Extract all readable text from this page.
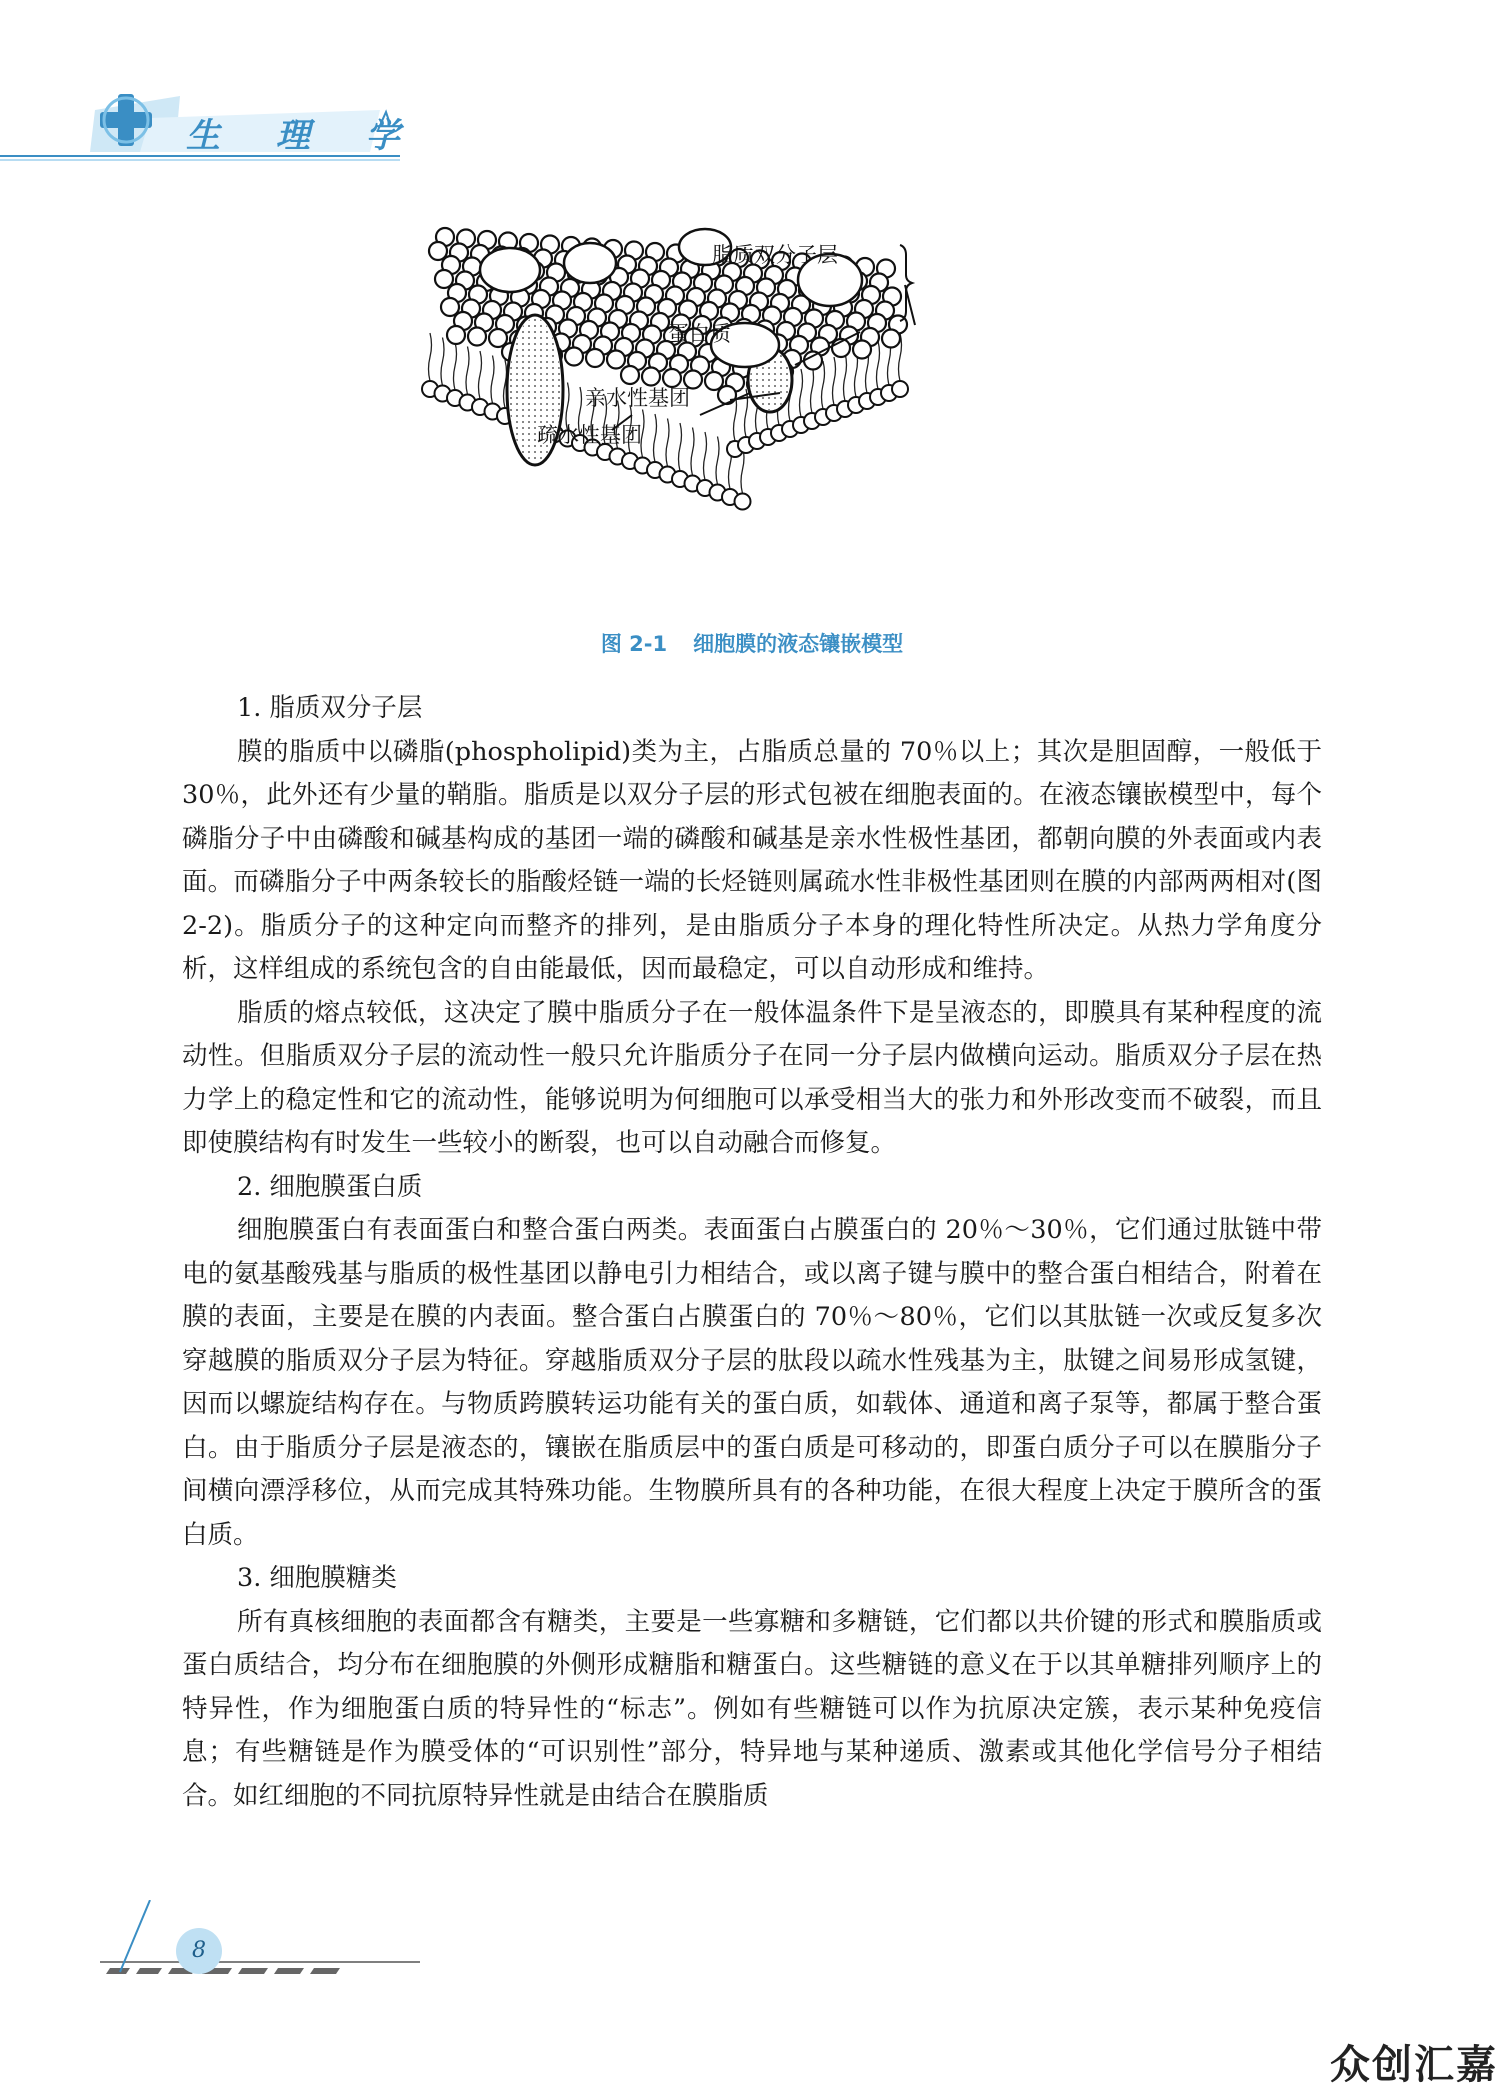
生 理 学
脂质双分子层
蛋白质
亲水性基团
疏水性基团
图 2-1 细胞膜的液态镶嵌模型

1. 脂质双分子层

膜的脂质中以磷脂(phospholipid)类为主，占脂质总量的 70％以上；其次是胆固醇，一般低于 30％，此外还有少量的鞘脂。脂质是以双分子层的形式包被在细胞表面的。在液态镶嵌模型中，每个磷脂分子中由磷酸和碱基构成的基团一端的磷酸和碱基是亲水性极性基团，都朝向膜的外表面或内表面。而磷脂分子中两条较长的脂酸烃链一端的长烃链则属疏水性非极性基团则在膜的内部两两相对(图 2-2)。脂质分子的这种定向而整齐的排列，是由脂质分子本身的理化特性所决定。从热力学角度分析，这样组成的系统包含的自由能最低，因而最稳定，可以自动形成和维持。

脂质的熔点较低，这决定了膜中脂质分子在一般体温条件下是呈液态的，即膜具有某种程度的流动性。但脂质双分子层的流动性一般只允许脂质分子在同一分子层内做横向运动。脂质双分子层在热力学上的稳定性和它的流动性，能够说明为何细胞可以承受相当大的张力和外形改变而不破裂，而且即使膜结构有时发生一些较小的断裂，也可以自动融合而修复。

2. 细胞膜蛋白质

细胞膜蛋白有表面蛋白和整合蛋白两类。表面蛋白占膜蛋白的 20％～30％，它们通过肽链中带电的氨基酸残基与脂质的极性基团以静电引力相结合，或以离子键与膜中的整合蛋白相结合，附着在膜的表面，主要是在膜的内表面。整合蛋白占膜蛋白的 70％～80％，它们以其肽链一次或反复多次穿越膜的脂质双分子层为特征。穿越脂质双分子层的肽段以疏水性残基为主，肽键之间易形成氢键，因而以螺旋结构存在。与物质跨膜转运功能有关的蛋白质，如载体、通道和离子泵等，都属于整合蛋白。由于脂质分子层是液态的，镶嵌在脂质层中的蛋白质是可移动的，即蛋白质分子可以在膜脂分子间横向漂浮移位，从而完成其特殊功能。生物膜所具有的各种功能，在很大程度上决定于膜所含的蛋白质。

3. 细胞膜糖类

所有真核细胞的表面都含有糖类，主要是一些寡糖和多糖链，它们都以共价键的形式和膜脂质或蛋白质结合，均分布在细胞膜的外侧形成糖脂和糖蛋白。这些糖链的意义在于以其单糖排列顺序上的特异性，作为细胞蛋白质的特异性的“标志”。例如有些糖链可以作为抗原决定簇，表示某种免疫信息；有些糖链是作为膜受体的“可识别性”部分，特异地与某种递质、激素或其他化学信号分子相结合。如红细胞的不同抗原特异性就是由结合在膜脂质

8
众创汇嘉
